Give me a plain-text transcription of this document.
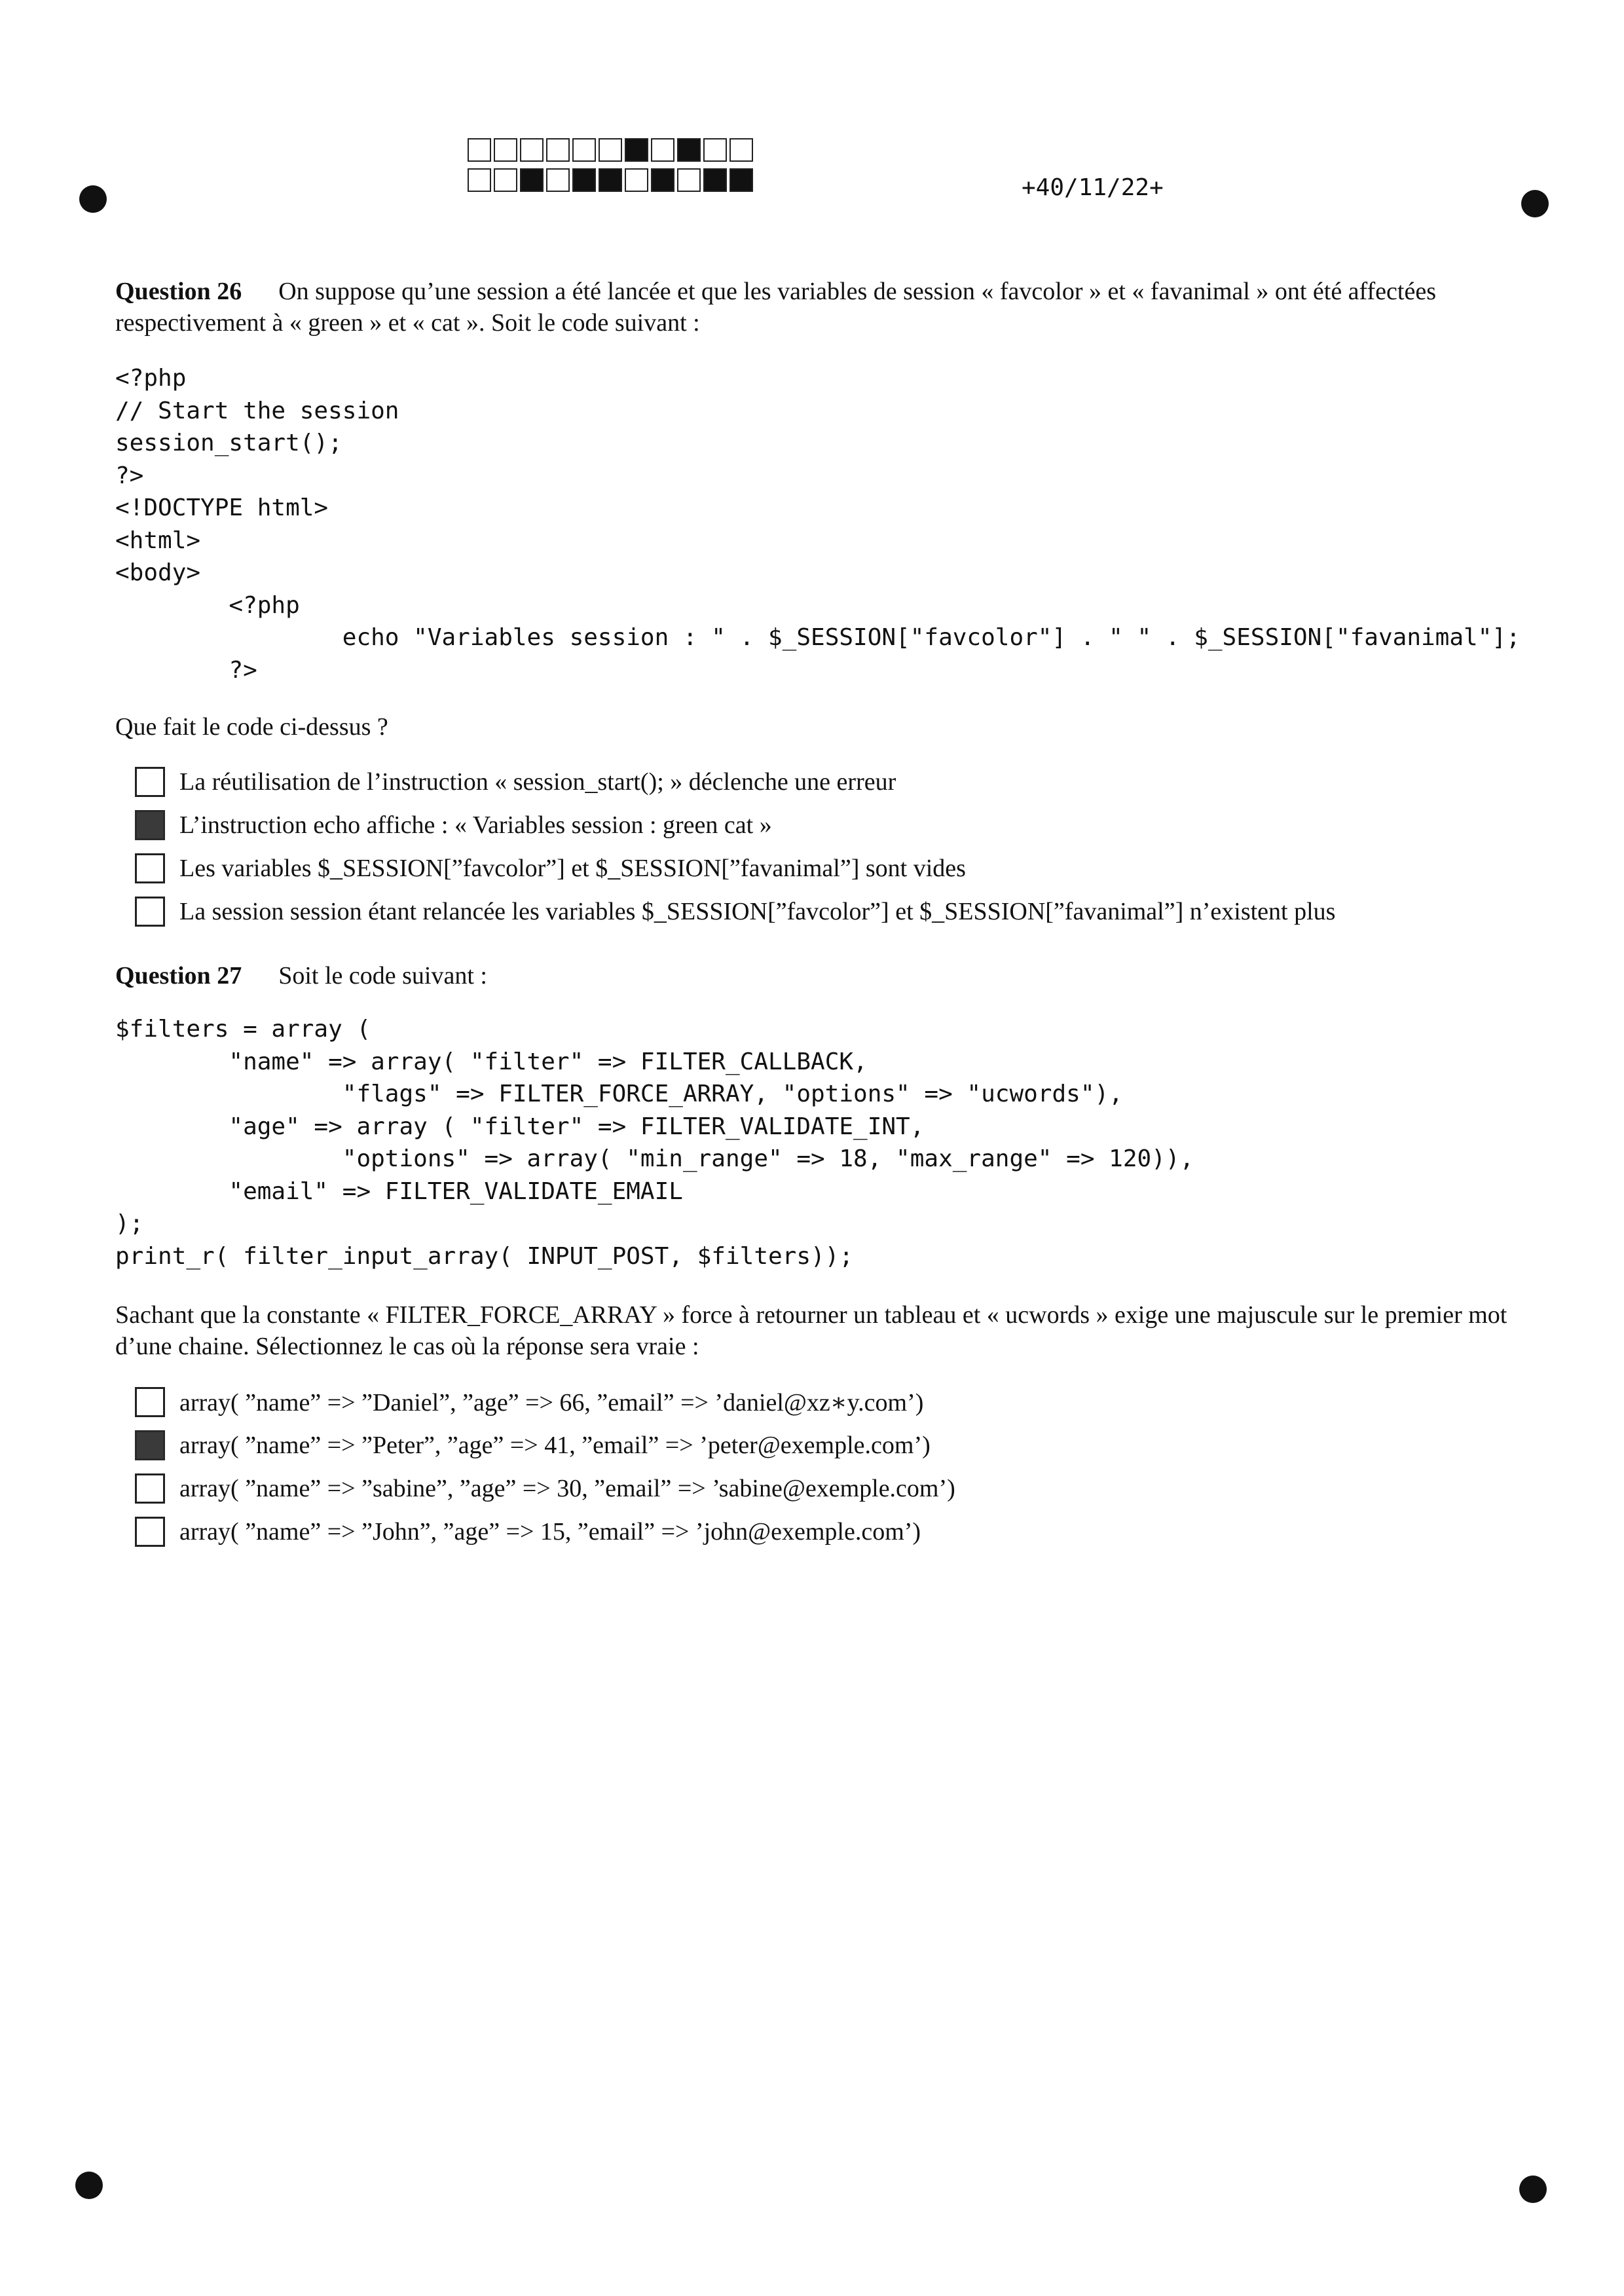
+40/11/22+
Question 26 On suppose qu’une session a été lancée et que les variables de session « favcolor » et « favanimal » ont été affectées respectivement à « green » et « cat ». Soit le code suivant :
<?php
// Start the session
session_start();
?>
<!DOCTYPE html>
<html>
<body>
<?php
echo "Variables session : " . $_SESSION["favcolor"] . " " . $_SESSION["favanimal"];
?>
Que fait le code ci-dessus ?
La réutilisation de l’instruction « session_start(); » déclenche une erreur
L’instruction echo affiche : « Variables session : green cat »
Les variables $_SESSION[”favcolor”] et $_SESSION[”favanimal”] sont vides
La session session étant relancée les variables $_SESSION[”favcolor”] et $_SESSION[”favanimal”] n’existent plus
Question 27 Soit le code suivant :
$filters = array (
"name" => array( "filter" => FILTER_CALLBACK,
"flags" => FILTER_FORCE_ARRAY, "options" => "ucwords"),
"age" => array ( "filter" => FILTER_VALIDATE_INT,
"options" => array( "min_range" => 18, "max_range" => 120)),
"email" => FILTER_VALIDATE_EMAIL
);
print_r( filter_input_array( INPUT_POST, $filters));
Sachant que la constante « FILTER_FORCE_ARRAY » force à retourner un tableau et « ucwords » exige une majuscule sur le premier mot d’une chaine. Sélectionnez le cas où la réponse sera vraie :
array( ”name” => ”Daniel”, ”age” => 66, ”email” => ’daniel@xz∗y.com’)
array( ”name” => ”Peter”, ”age” => 41, ”email” => ’peter@exemple.com’)
array( ”name” => ”sabine”, ”age” => 30, ”email” => ’sabine@exemple.com’)
array( ”name” => ”John”, ”age” => 15, ”email” => ’john@exemple.com’)
